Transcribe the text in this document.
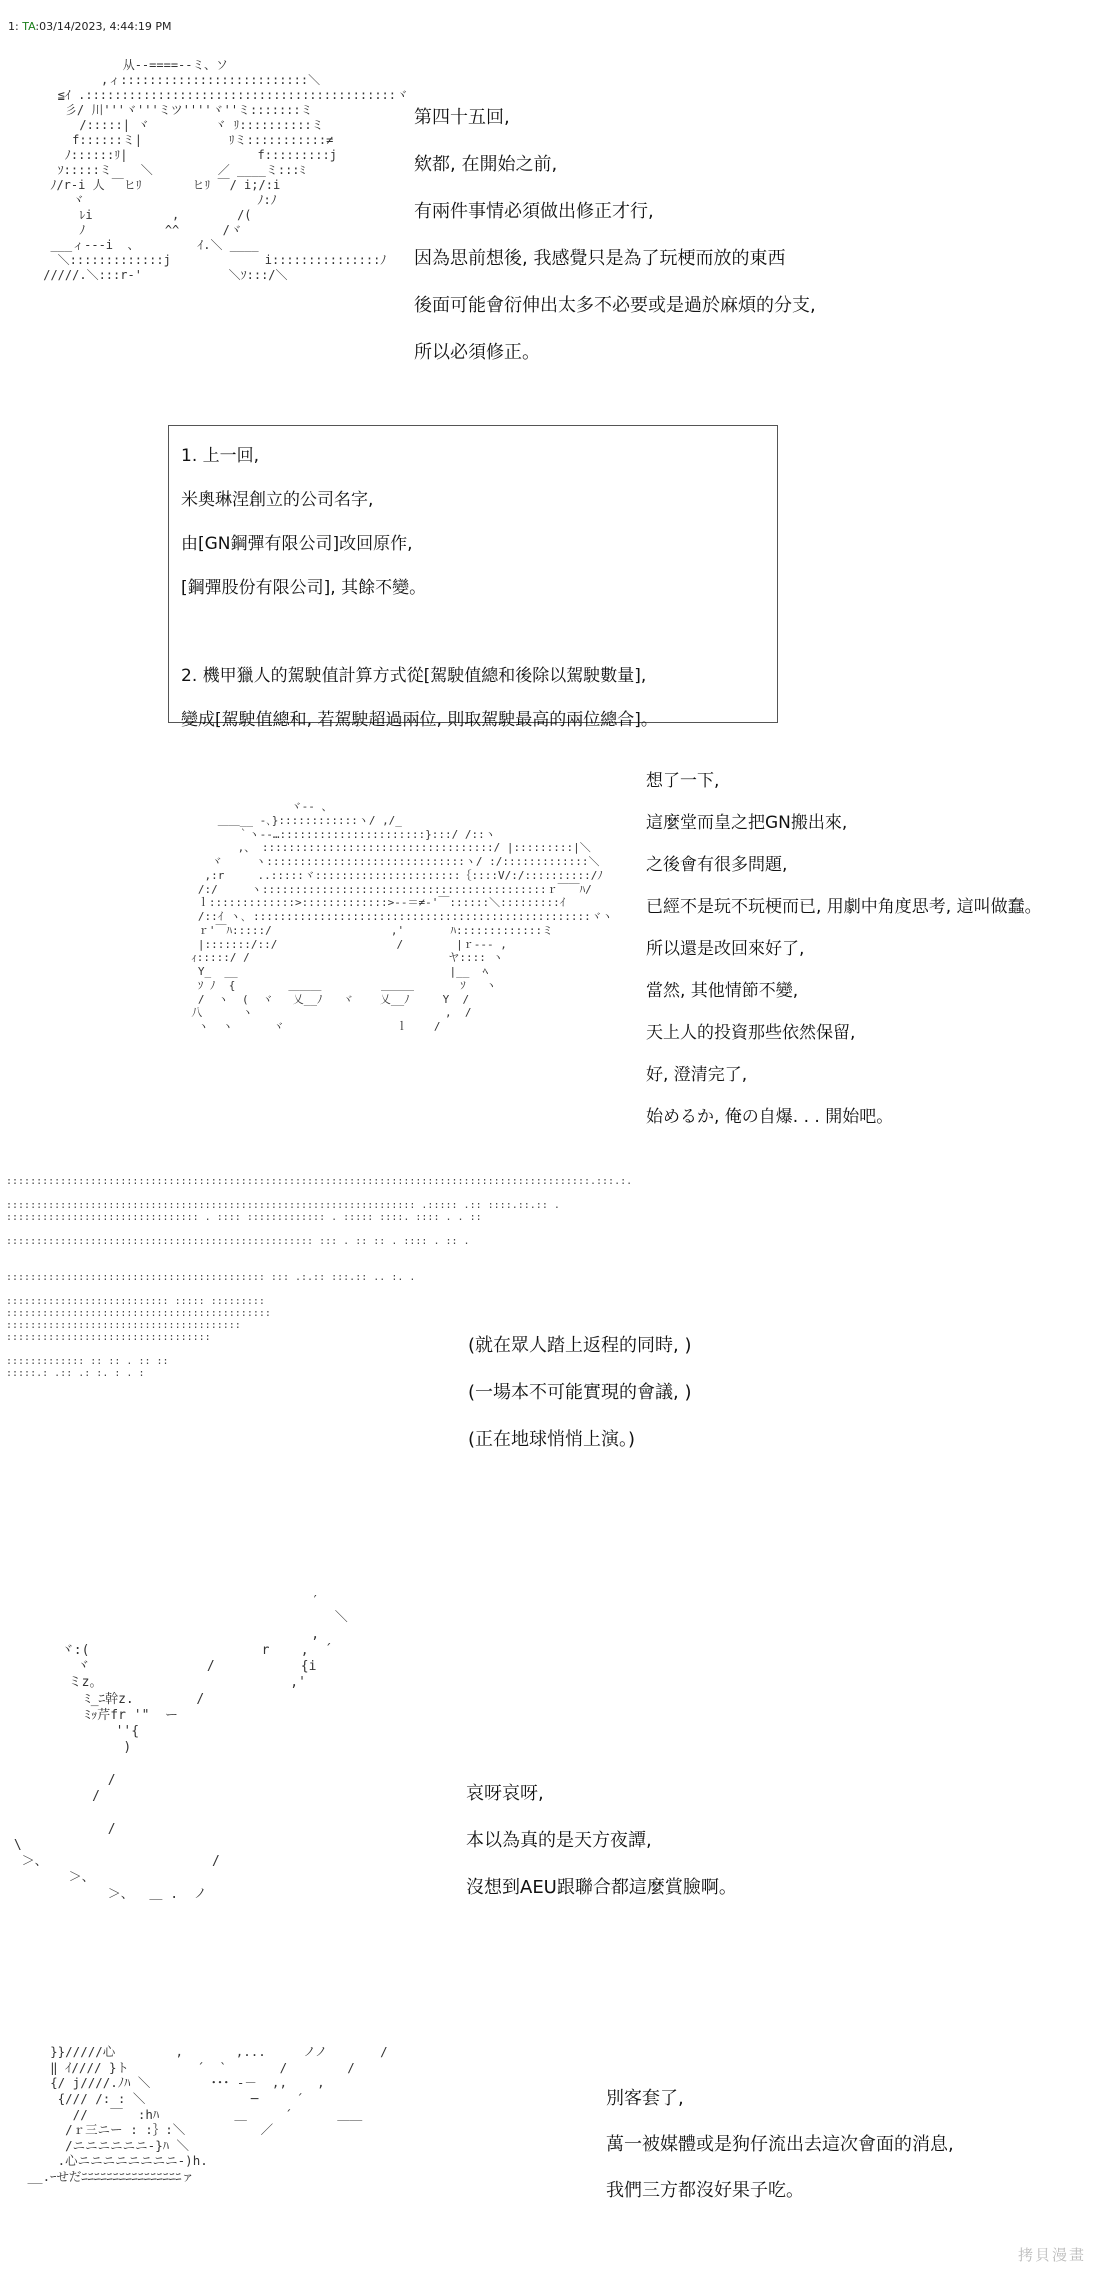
1: TA:03/14/2023, 4:44:19 PM
从--====--ミ、ソ
,ィ::::::::::::::::::::::::::＼
≦ｲ .:::::::::::::::::::::::::::::::::::::::::::ヾ
彡/ 川'''ヾ'''ミツ''''ヾ''ミ:::::::ミ
/:::::| ヾ         ヾ ﾘ::::::::::ミ
f::::::ミ|            ﾘミ:::::::::::≠
ﾉ::::::ﾘ|                  f:::::::::j
ｿ:::::ミ    ＼         ／ ____ミ:::ﾐ
ﾉ/r-i 人 ￣ヒﾘ       ヒﾘ ￣/ i;/:i
ヾ                        ﾉ:ﾉ
ﾚi           ,        /(
ﾉ           ^^      /ヾ
___ィ---i  、        ｲ.＼ ____
＼:::::::::::::j             i:::::::::::::::ﾉ
/////.＼:::r-'            ＼ｿ:::/＼
第四十五回,
欸都, 在開始之前,
有兩件事情必須做出修正才行,
因為思前想後, 我感覺只是為了玩梗而放的東西
後面可能會衍伸出太多不必要或是過於麻煩的分支,
所以必須修正。
1. 上一回,
米奧琳涅創立的公司名字,
由[GN鋼彈有限公司]改回原作,
[鋼彈股份有限公司], 其餘不變。
2. 機甲獵人的駕駛值計算方式從[駕駛值總和後除以駕駛數量],
變成[駕駛值總和, 若駕駛超過兩位, 則取駕駛最高的兩位總合]。
ヾ-- 、
＿＿__ -､}::::::::::::ヽ/ ,/_
｀ヽ--…::::::::::::::::::::::}:::/ /::ヽ
,、 :::::::::::::::::::::::::::::::::::/ |:::::::::|＼
ヾ     ヽ::::::::::::::::::::::::::::::ヽ/ :/:::::::::::::＼
,:r     ..:::::ヾ::::::::::::::::::::::｛::::V/:/::::::::::/ﾉ
/:/     ヽ:::::::::::::::::::::::::::::::::::::::::::ｒ￣￣ﾊ/
ｌ:::::::::::::>:::::::::::::>--＝≠-'￣::::::＼:::::::::ｲ
/::ｲ ヽ､ :::::::::::::::::::::::::::::::::::::::::::::::::::ヾヽ
ｒ'￣ﾊ:::::/                  ,'       ﾊ:::::::::::::ミ
|:::::::/::/                  /        |ｒ--- ,
ｨ:::::/ /                              ヤ:::: ヽ
Y_  __                                |__  ﾍ
ｿ ﾉ  {        ＿＿＿         ＿＿＿       ｿ   ヽ
/  ヽ  (  ヾ   乂__ﾉ   ヾ    乂__ﾉ     Y  /
八      ヽ                             ,  /
ヽ  ヽ      ヾ                 ｌ    /
想了一下,
這麼堂而皇之把GN搬出來,
之後會有很多問題,
已經不是玩不玩梗而已, 用劇中角度思考, 這叫做蠢。
所以還是改回來好了,
當然, 其他情節不變,
天上人的投資那些依然保留,
好, 澄清完了,
始めるか, 俺の自爆. . . 開始吧。
:::::::::::::::::::::::::::::::::::::::::::::::::::::::::::::::::::::::::::::::::::::::::::::::::.:::.:.

:::::::::::::::::::::::::::::::::::::::::::::::::::::::::::::::::::: .::::: .:: ::::.::.:: .
:::::::::::::::::::::::::::::::: . :::: ::::::::::::: . ::::: ::::. :::: . . ::

::::::::::::::::::::::::::::::::::::::::::::::::::: ::: . :: :: . :::: . :: .

::::::::::::::::::::::::::::::::::::::::::: ::: .:.:: :::.:: .. :. .

::::::::::::::::::::::::::: ::::: :::::::::
::::::::::::::::::::::::::::::::::::::::::::
:::::::::::::::::::::::::::::::::::::::
::::::::::::::::::::::::::::::::::

::::::::::::: :: :: . :: ::
:::::.: .:: .: :. : . :
(就在眾人踏上返程的同時, )
(一場本不可能實現的會議, )
(正在地球悄悄上演。)
′
＼
,
ヾ:(                      r    ,  ´
ヾ               /           {i
ミz。                        ,'
ﾐ_ﾆ幹z.        /
ﾐｯ芹fr '"  ー
''{
)

/
/

/
\
＞、                     /
＞、
＞、  ＿ .  ノ
哀呀哀呀,
本以為真的是天方夜譚,
沒想到AEU跟聯合都這麼賞臉啊。
}}/////心        ,       ,...     ノノ       /
‖ ｲ//// }ト         ´  `       /        /
{/ j////.ﾉﾊ ＼        ･･･ ‐－  ,,    ,
{/// /: : ＼              ─     ´
//   ￣  :hﾊ          ＿     ´      ＿＿
/ｒ三ニー : :｝:＼          ／
/ニニニニニニ-}ﾊ ＼
.心ニニニニニニニニ-)h.
__.ｰせだﾆﾆﾆﾆﾆﾆﾆﾆﾆﾆﾆﾆﾆﾆﾆﾆァ
別客套了,
萬一被媒體或是狗仔流出去這次會面的消息,
我們三方都沒好果子吃。
拷貝漫畫
